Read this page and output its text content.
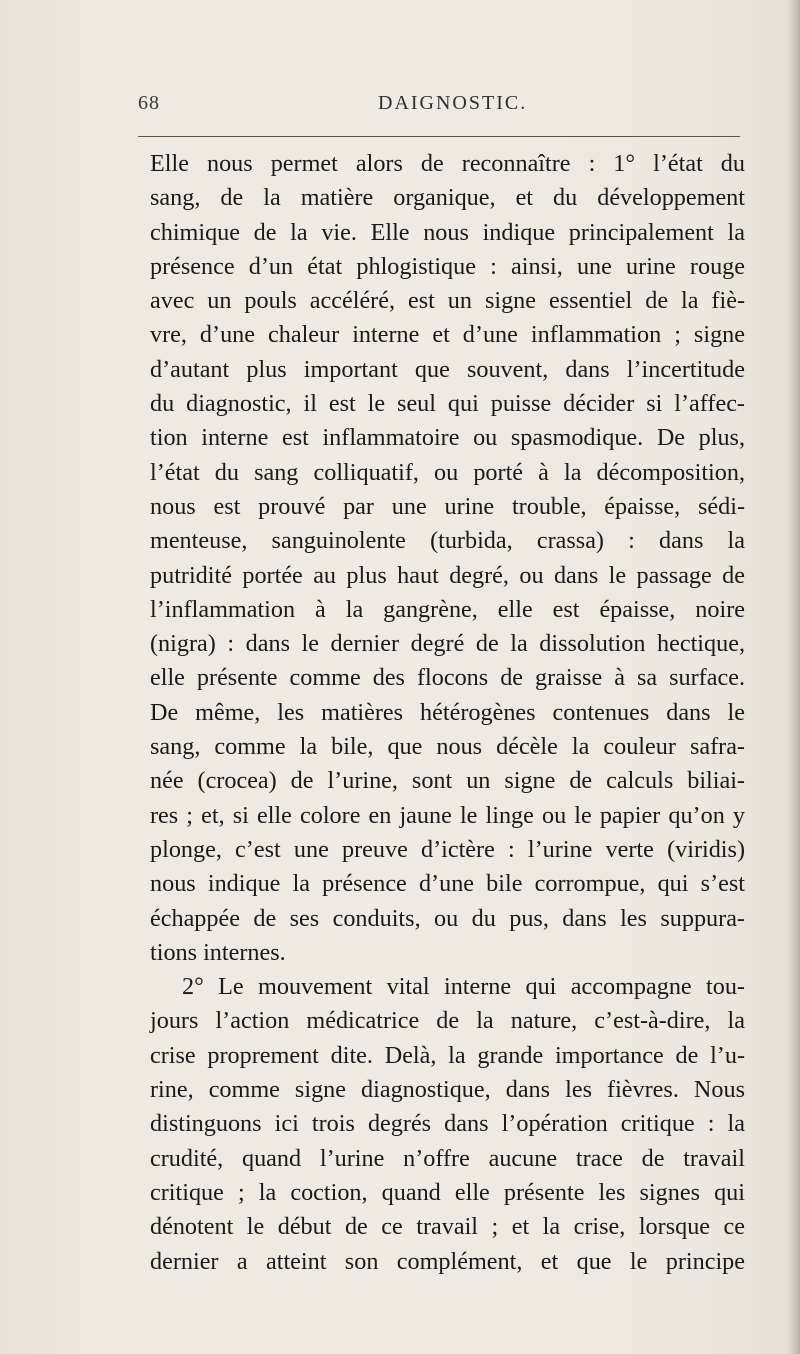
68	DAIGNOSTIC.
Elle nous permet alors de reconnaître : 1° l’état du
sang, de la matière organique, et du développement
chimique de la vie. Elle nous indique principalement la
présence d’un état phlogistique : ainsi, une urine rouge
avec un pouls accéléré, est un signe essentiel de la fiè-
vre, d’une chaleur interne et d’une inflammation ; signe
d’autant plus important que souvent, dans l’incertitude
du diagnostic, il est le seul qui puisse décider si l’affec-
tion interne est inflammatoire ou spasmodique. De plus,
l’état du sang colliquatif, ou porté à la décomposition,
nous est prouvé par une urine trouble, épaisse, sédi-
menteuse, sanguinolente (turbida, crassa) : dans la
putridité portée au plus haut degré, ou dans le passage de
l’inflammation à la gangrène, elle est épaisse, noire
(nigra) : dans le dernier degré de la dissolution hectique,
elle présente comme des flocons de graisse à sa surface.
De même, les matières hétérogènes contenues dans le
sang, comme la bile, que nous décèle la couleur safra-
née (crocea) de l’urine, sont un signe de calculs biliai-
res ; et, si elle colore en jaune le linge ou le papier qu’on y
plonge, c’est une preuve d’ictère : l’urine verte (viridis)
nous indique la présence d’une bile corrompue, qui s’est
échappée de ses conduits, ou du pus, dans les suppura-
tions internes.
2° Le mouvement vital interne qui accompagne tou-
jours l’action médicatrice de la nature, c’est-à-dire, la
crise proprement dite. Delà, la grande importance de l’u-
rine, comme signe diagnostique, dans les fièvres. Nous
distinguons ici trois degrés dans l’opération critique : la
crudité, quand l’urine n’offre aucune trace de travail
critique ; la coction, quand elle présente les signes qui
dénotent le début de ce travail ; et la crise, lorsque ce
dernier a atteint son complément, et que le principe
